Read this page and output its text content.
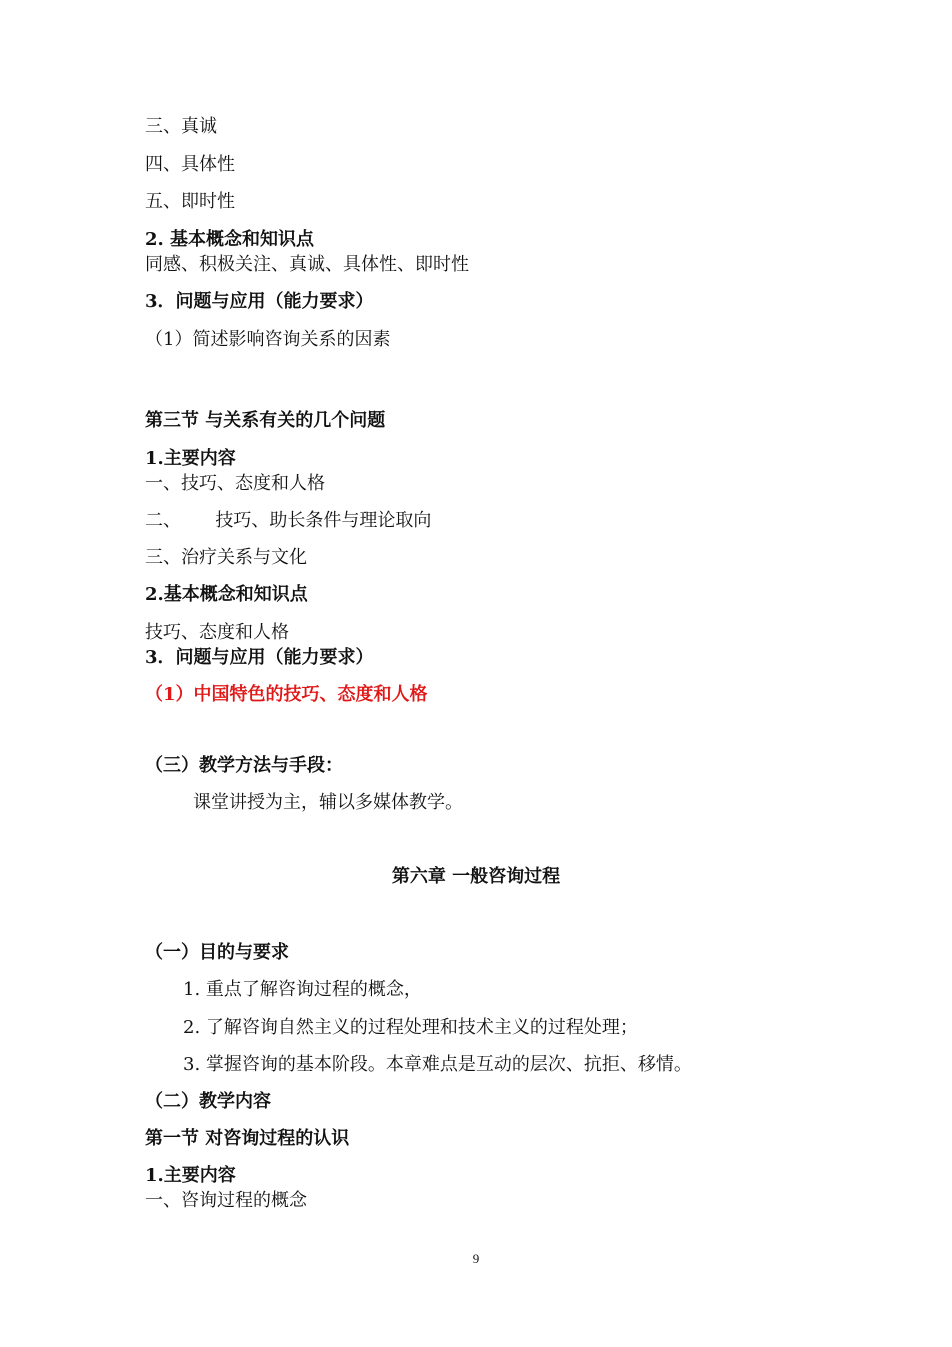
三、真诚
四、具体性
五、即时性
2. 基本概念和知识点
同感、积极关注、真诚、具体性、即时性
3．问题与应用（能力要求）
（1）简述影响咨询关系的因素
第三节 与关系有关的几个问题
1.主要内容
一、技巧、态度和人格
二、      技巧、助长条件与理论取向
三、治疗关系与文化
2.基本概念和知识点
技巧、态度和人格
3．问题与应用（能力要求）
（1）中国特色的技巧、态度和人格
（三）教学方法与手段：
课堂讲授为主，辅以多媒体教学。
第六章 一般咨询过程
（一）目的与要求
1. 重点了解咨询过程的概念，
2. 了解咨询自然主义的过程处理和技术主义的过程处理；
3. 掌握咨询的基本阶段。本章难点是互动的层次、抗拒、移情。
（二）教学内容
第一节 对咨询过程的认识
1.主要内容
一、咨询过程的概念
9
